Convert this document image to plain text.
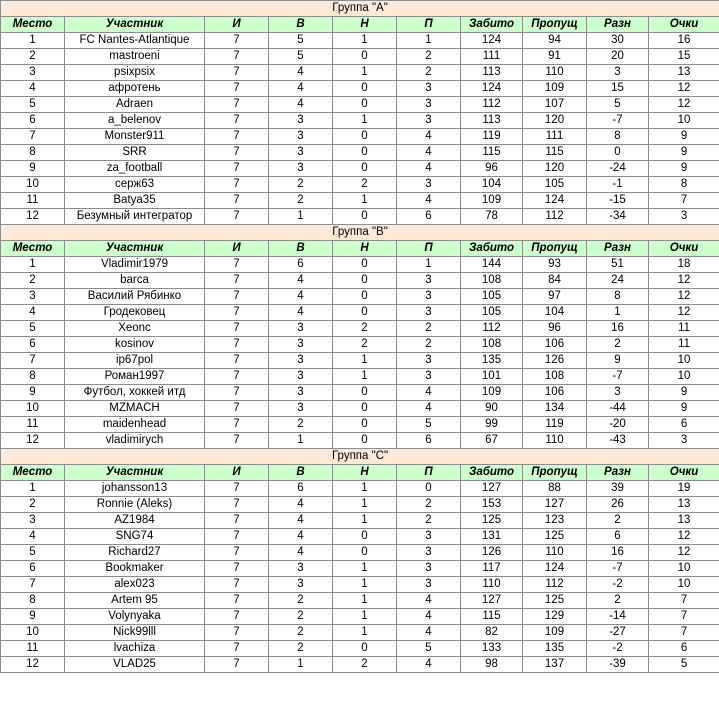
Группа "А"									
Место	Участник	И	В	Н	П	Забито	Пропущ	Разн	Очки
1	FC Nantes-Atlantique	7	5	1	1	124	94	30	16
2	mastroeni	7	5	0	2	111	91	20	15
3	psixpsix	7	4	1	2	113	110	3	13
4	афротень	7	4	0	3	124	109	15	12
5	Adraen	7	4	0	3	112	107	5	12
6	a_belenov	7	3	1	3	113	120	-7	10
7	Monster911	7	3	0	4	119	111	8	9
8	SRR	7	3	0	4	115	115	0	9
9	za_football	7	3	0	4	96	120	-24	9
10	серж63	7	2	2	3	104	105	-1	8
11	Batya35	7	2	1	4	109	124	-15	7
12	Безумный интегратор	7	1	0	6	78	112	-34	3
Группа "В"									
Место	Участник	И	В	Н	П	Забито	Пропущ	Разн	Очки
1	Vladimir1979	7	6	0	1	144	93	51	18
2	barca	7	4	0	3	108	84	24	12
3	Василий Рябинко	7	4	0	3	105	97	8	12
4	Гродековец	7	4	0	3	105	104	1	12
5	Xeonc	7	3	2	2	112	96	16	11
6	kosinov	7	3	2	2	108	106	2	11
7	ip67pol	7	3	1	3	135	126	9	10
8	Роман1997	7	3	1	3	101	108	-7	10
9	Футбол, хоккей итд	7	3	0	4	109	106	3	9
10	MZMACH	7	3	0	4	90	134	-44	9
11	maidenhead	7	2	0	5	99	119	-20	6
12	vladimirych	7	1	0	6	67	110	-43	3
Группа "С"									
Место	Участник	И	В	Н	П	Забито	Пропущ	Разн	Очки
1	johansson13	7	6	1	0	127	88	39	19
2	Ronnie (Aleks)	7	4	1	2	153	127	26	13
3	AZ1984	7	4	1	2	125	123	2	13
4	SNG74	7	4	0	3	131	125	6	12
5	Richard27	7	4	0	3	126	110	16	12
6	Bookmaker	7	3	1	3	117	124	-7	10
7	alex023	7	3	1	3	110	112	-2	10
8	Artem 95	7	2	1	4	127	125	2	7
9	Volynyaka	7	2	1	4	115	129	-14	7
10	Nick99lll	7	2	1	4	82	109	-27	7
11	lvachiza	7	2	0	5	133	135	-2	6
12	VLAD25	7	1	2	4	98	137	-39	5
